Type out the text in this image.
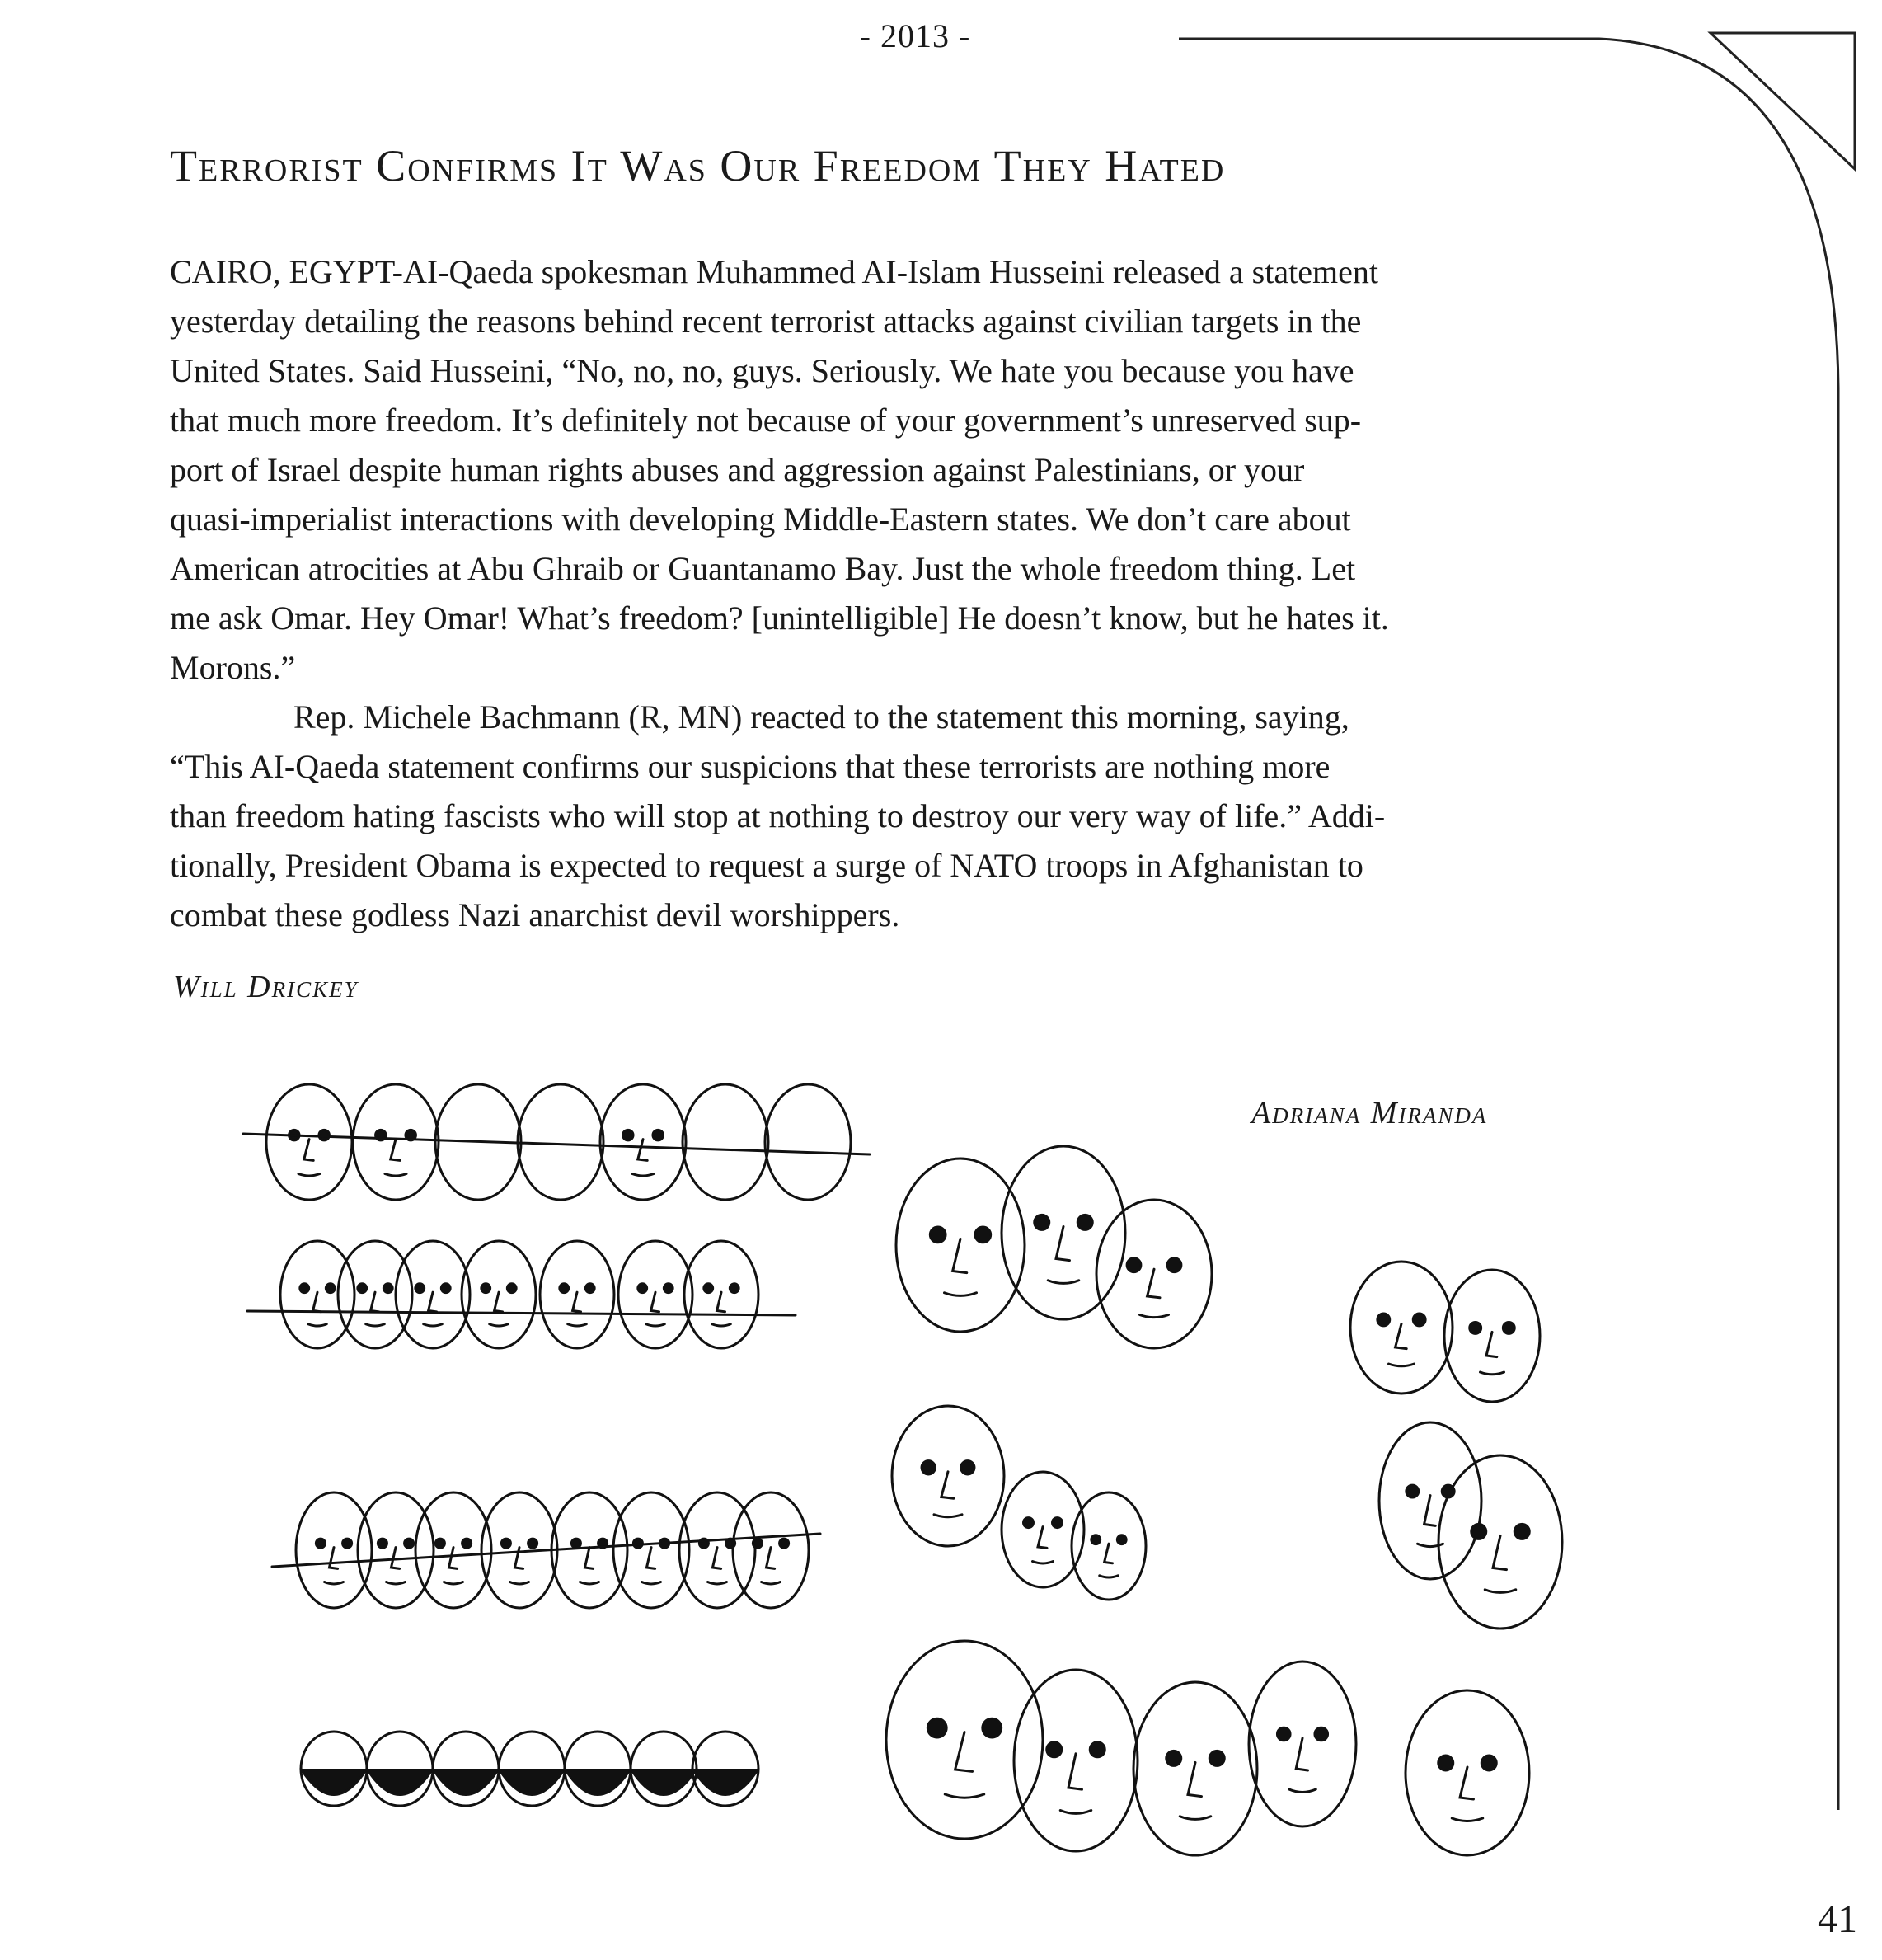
- 2013 -
Terrorist Confirms It Was Our Freedom They Hated

CAIRO, EGYPT-AI-Qaeda spokesman Muhammed AI-Islam Husseini released a statement
yesterday detailing the reasons behind recent terrorist attacks against civilian targets in the
United States. Said Husseini, “No, no, no, guys. Seriously. We hate you because you have
that much more freedom. It’s definitely not because of your government’s unreserved sup-
port of Israel despite human rights abuses and aggression against Palestinians, or your
quasi-imperialist interactions with developing Middle-Eastern states. We don’t care about
American atrocities at Abu Ghraib or Guantanamo Bay. Just the whole freedom thing. Let
me ask Omar. Hey Omar! What’s freedom? [unintelligible] He doesn’t know, but he hates it.
Morons.”

Rep. Michele Bachmann (R, MN) reacted to the statement this morning, saying,
“This AI-Qaeda statement confirms our suspicions that these terrorists are nothing more
than freedom hating fascists who will stop at nothing to destroy our very way of life.” Addi-
tionally, President Obama is expected to request a surge of NATO troops in Afghanistan to
combat these godless Nazi anarchist devil worshippers.

Will Drickey
Adriana Miranda
41
